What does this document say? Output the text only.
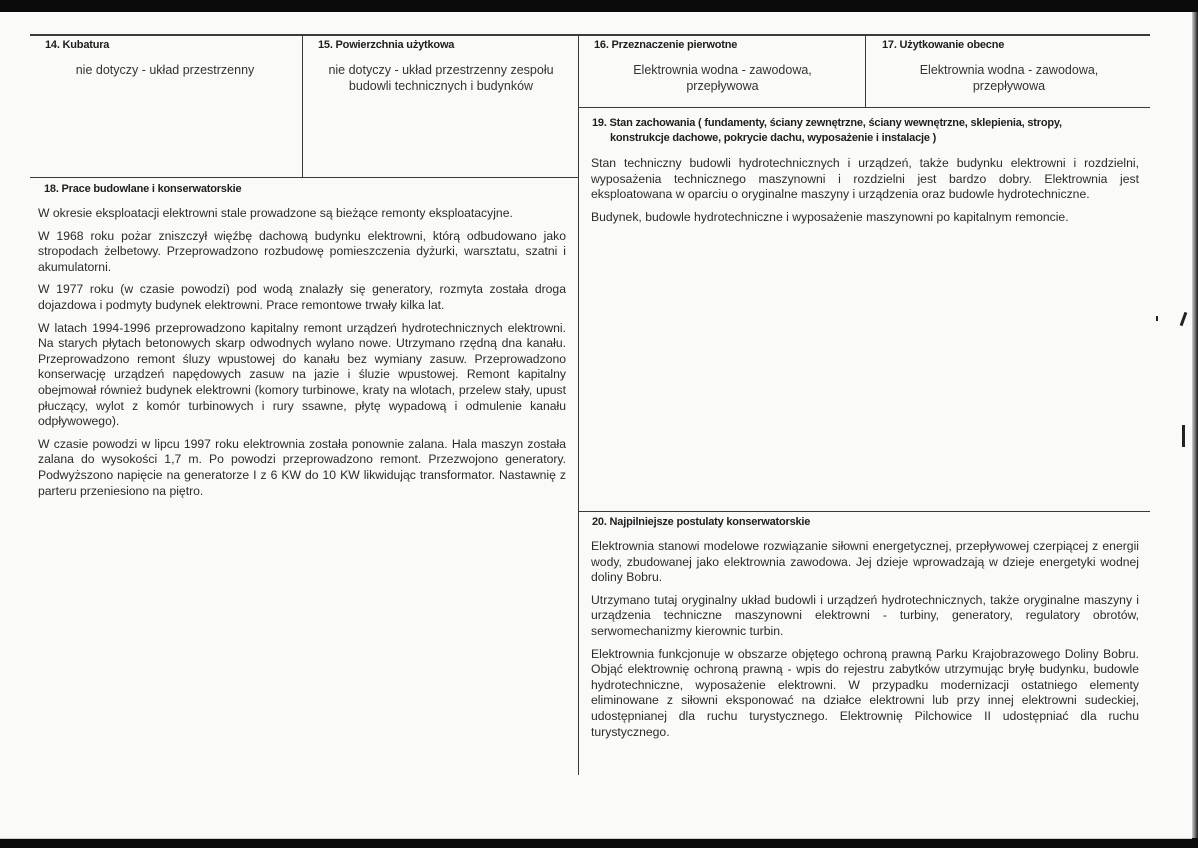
14. Kubatura
nie dotyczy - układ przestrzenny
15. Powierzchnia użytkowa
nie dotyczy - układ przestrzenny zespołu budowli technicznych i budynków
16. Przeznaczenie pierwotne
Elektrownia wodna - zawodowa, przepływowa
17. Użytkowanie obecne
Elektrownia wodna - zawodowa, przepływowa
18. Prace budowlane i konserwatorskie

W okresie eksploatacji elektrowni stale prowadzone są bieżące remonty eksploatacyjne.

W 1968 roku pożar zniszczył więźbę dachową budynku elektrowni, którą odbudowano jako stropodach żelbetowy. Przeprowadzono rozbudowę pomieszczenia dyżurki, warsztatu, szatni i akumulatorni.

W 1977 roku (w czasie powodzi) pod wodą znalazły się generatory, rozmyta została droga dojazdowa i podmyty budynek elektrowni. Prace remontowe trwały kilka lat.

W latach 1994-1996 przeprowadzono kapitalny remont urządzeń hydrotechnicznych elektrowni. Na starych płytach betonowych skarp odwodnych wylano nowe. Utrzymano rzędną dna kanału. Przeprowadzono remont śluzy wpustowej do kanału bez wymiany zasuw. Przeprowadzono konserwację urządzeń napędowych zasuw na jazie i śluzie wpustowej. Remont kapitalny obejmował również budynek elektrowni (komory turbinowe, kraty na wlotach, przelew stały, upust płuczący, wylot z komór turbinowych i rury ssawne, płytę wypadową i odmulenie kanału odpływowego).

W czasie powodzi w lipcu 1997 roku elektrownia została ponownie zalana. Hala maszyn została zalana do wysokości 1,7 m. Po powodzi przeprowadzono remont. Przezwojono generatory. Podwyższono napięcie na generatorze I z 6 KW do 10 KW likwidując transformator. Nastawnię z parteru przeniesiono na piętro.

19. Stan zachowania ( fundamenty, ściany zewnętrzne, ściany wewnętrzne, sklepienia, stropy,
konstrukcje dachowe, pokrycie dachu, wyposażenie i instalacje )

Stan techniczny budowli hydrotechnicznych i urządzeń, także budynku elektrowni i rozdzielni, wyposażenia technicznego maszynowni i rozdzielni jest bardzo dobry. Elektrownia jest eksploatowana w oparciu o oryginalne maszyny i urządzenia oraz budowle hydrotechniczne.

Budynek, budowle hydrotechniczne i wyposażenie maszynowni po kapitalnym remoncie.

20. Najpilniejsze postulaty konserwatorskie

Elektrownia stanowi modelowe rozwiązanie siłowni energetycznej, przepływowej czerpiącej z energii wody, zbudowanej jako elektrownia zawodowa. Jej dzieje wprowadzają w dzieje energetyki wodnej doliny Bobru.

Utrzymano tutaj oryginalny układ budowli i urządzeń hydrotechnicznych, także oryginalne maszyny i urządzenia techniczne maszynowni elektrowni - turbiny, generatory, regulatory obrotów, serwomechanizmy kierownic turbin.

Elektrownia funkcjonuje w obszarze objętego ochroną prawną Parku Krajobrazowego Doliny Bobru. Objąć elektrownię ochroną prawną - wpis do rejestru zabytków utrzymując bryłę budynku, budowle hydrotechniczne, wyposażenie elektrowni. W przypadku modernizacji ostatniego elementy eliminowane z siłowni eksponować na działce elektrowni lub przy innej elektrowni sudeckiej, udostępnianej dla ruchu turystycznego. Elektrownię Pilchowice II udostępniać dla ruchu turystycznego.
